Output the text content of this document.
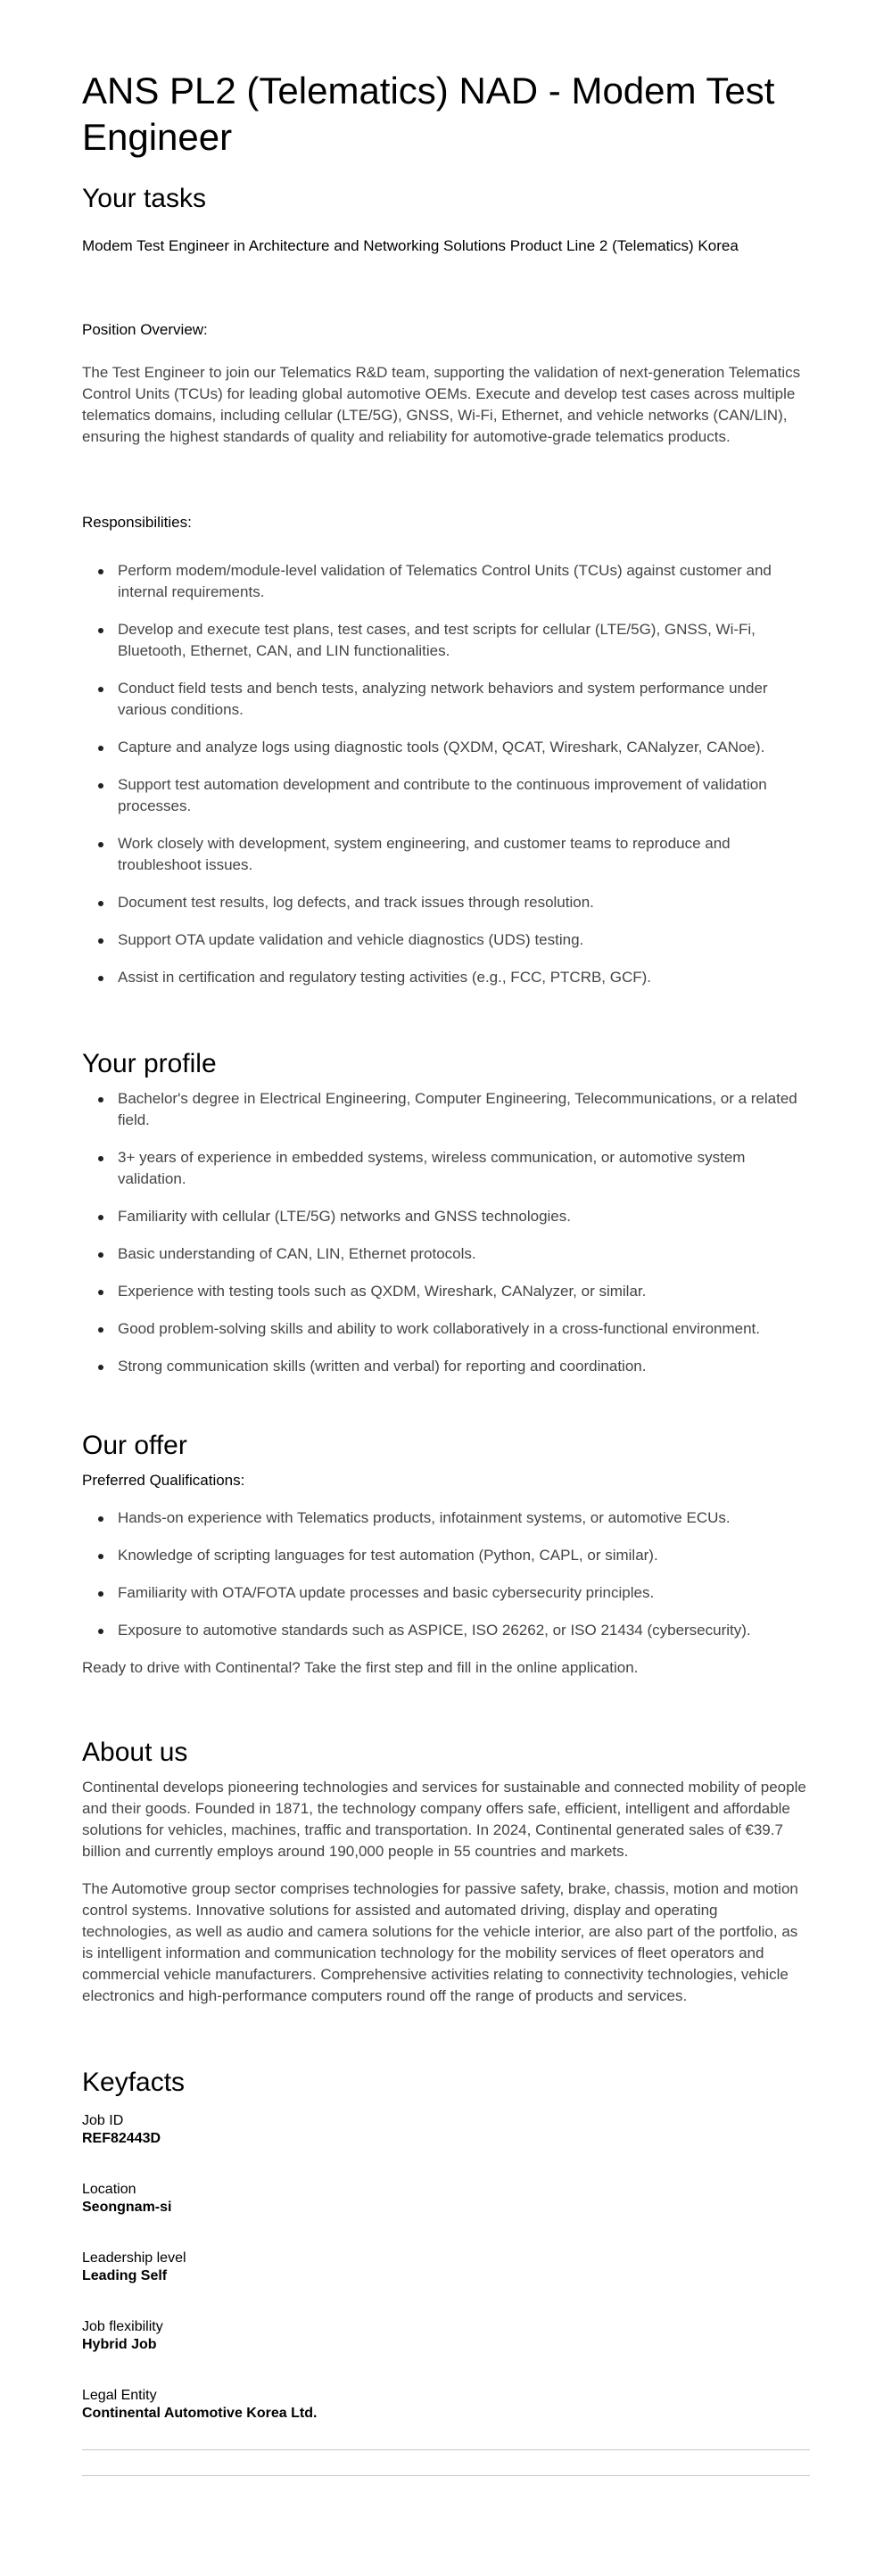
ANS PL2 (Telematics) NAD - Modem Test Engineer
Your tasks
Modem Test Engineer in Architecture and Networking Solutions Product Line 2 (Telematics) Korea
Position Overview:

The Test Engineer to join our Telematics R&D team, supporting the validation of next-generation Telematics Control Units (TCUs) for leading global automotive OEMs. Execute and develop test cases across multiple telematics domains, including cellular (LTE/5G), GNSS, Wi-Fi, Ethernet, and vehicle networks (CAN/LIN), ensuring the highest standards of quality and reliability for automotive-grade telematics products.

Responsibilities:
Perform modem/module-level validation of Telematics Control Units (TCUs) against customer and internal requirements.
Develop and execute test plans, test cases, and test scripts for cellular (LTE/5G), GNSS, Wi-Fi, Bluetooth, Ethernet, CAN, and LIN functionalities.
Conduct field tests and bench tests, analyzing network behaviors and system performance under various conditions.
Capture and analyze logs using diagnostic tools (QXDM, QCAT, Wireshark, CANalyzer, CANoe).
Support test automation development and contribute to the continuous improvement of validation processes.
Work closely with development, system engineering, and customer teams to reproduce and troubleshoot issues.
Document test results, log defects, and track issues through resolution.
Support OTA update validation and vehicle diagnostics (UDS) testing.
Assist in certification and regulatory testing activities (e.g., FCC, PTCRB, GCF).
Your profile
Bachelor's degree in Electrical Engineering, Computer Engineering, Telecommunications, or a related field.
3+ years of experience in embedded systems, wireless communication, or automotive system validation.
Familiarity with cellular (LTE/5G) networks and GNSS technologies.
Basic understanding of CAN, LIN, Ethernet protocols.
Experience with testing tools such as QXDM, Wireshark, CANalyzer, or similar.
Good problem-solving skills and ability to work collaboratively in a cross-functional environment.
Strong communication skills (written and verbal) for reporting and coordination.
Our offer
Preferred Qualifications:
Hands-on experience with Telematics products, infotainment systems, or automotive ECUs.
Knowledge of scripting languages for test automation (Python, CAPL, or similar).
Familiarity with OTA/FOTA update processes and basic cybersecurity principles.
Exposure to automotive standards such as ASPICE, ISO 26262, or ISO 21434 (cybersecurity).

Ready to drive with Continental? Take the first step and fill in the online application.

About us

Continental develops pioneering technologies and services for sustainable and connected mobility of people and their goods. Founded in 1871, the technology company offers safe, efficient, intelligent and affordable solutions for vehicles, machines, traffic and transportation. In 2024, Continental generated sales of €39.7 billion and currently employs around 190,000 people in 55 countries and markets.

The Automotive group sector comprises technologies for passive safety, brake, chassis, motion and motion control systems. Innovative solutions for assisted and automated driving, display and operating technologies, as well as audio and camera solutions for the vehicle interior, are also part of the portfolio, as is intelligent information and communication technology for the mobility services of fleet operators and commercial vehicle manufacturers. Comprehensive activities relating to connectivity technologies, vehicle electronics and high-performance computers round off the range of products and services.

Keyfacts
Job ID
REF82443D
Location
Seongnam-si
Leadership level
Leading Self
Job flexibility
Hybrid Job
Legal Entity
Continental Automotive Korea Ltd.
